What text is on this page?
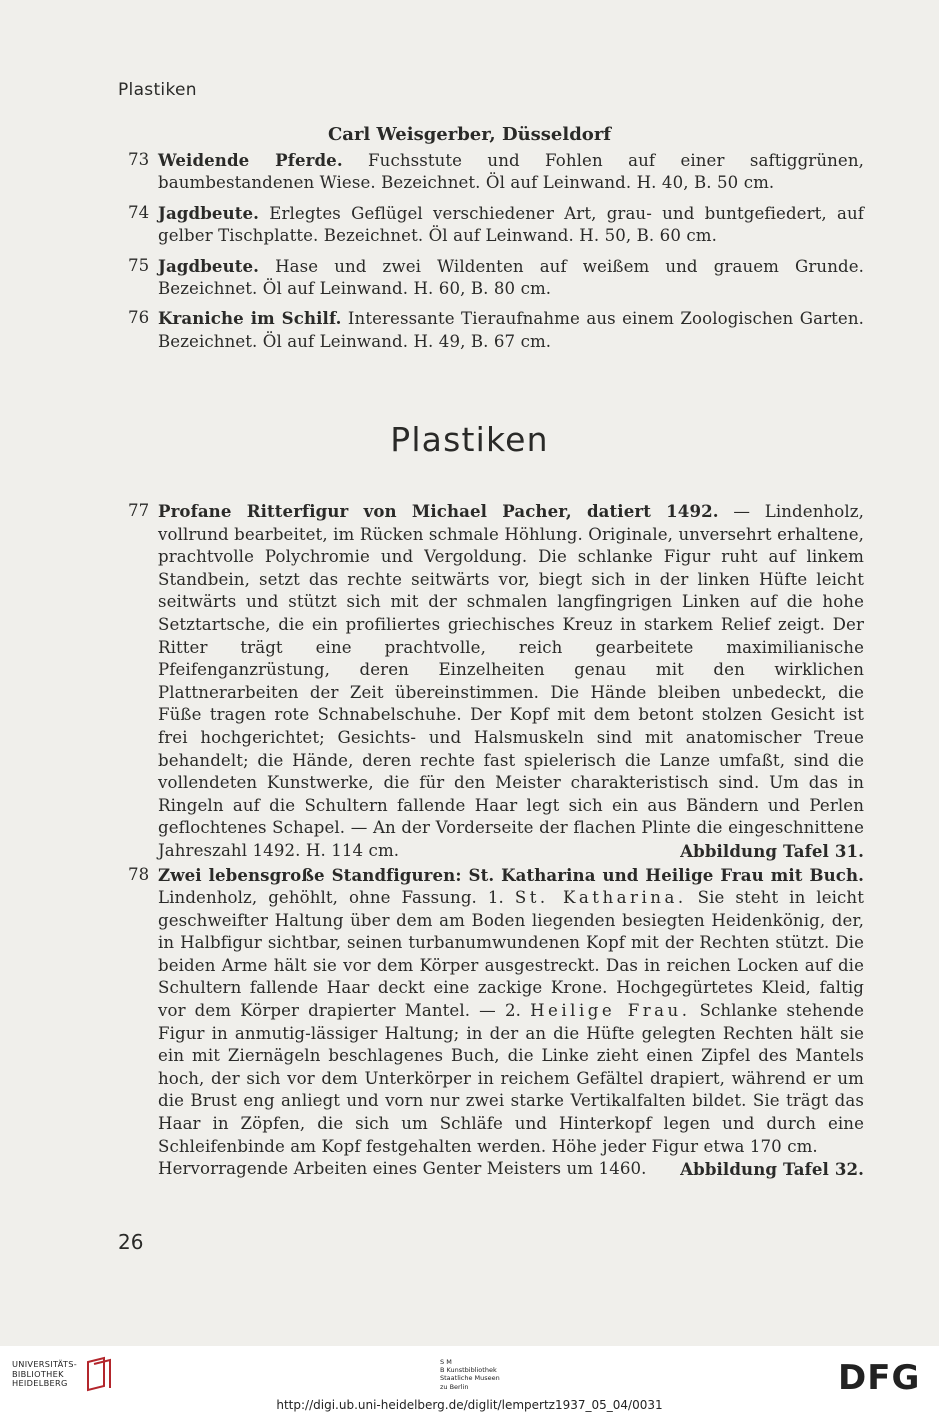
Plastiken
Carl Weisgerber, Düsseldorf
73 Weidende Pferde. Fuchsstute und Fohlen auf einer saftiggrünen, baumbestandenen Wiese. Bezeichnet. Öl auf Leinwand. H. 40, B. 50 cm.
74 Jagdbeute. Erlegtes Geflügel verschiedener Art, grau- und buntgefiedert, auf gelber Tischplatte. Bezeichnet. Öl auf Leinwand. H. 50, B. 60 cm.
75 Jagdbeute. Hase und zwei Wildenten auf weißem und grauem Grunde. Bezeichnet. Öl auf Leinwand. H. 60, B. 80 cm.
76 Kraniche im Schilf. Interessante Tieraufnahme aus einem Zoologischen Garten. Bezeichnet. Öl auf Leinwand. H. 49, B. 67 cm.
Plastiken
77 Profane Ritterfigur von Michael Pacher, datiert 1492. — Lindenholz, vollrund bearbeitet, im Rücken schmale Höhlung. Originale, unversehrt erhaltene, prachtvolle Polychromie und Vergoldung. Die schlanke Figur ruht auf linkem Standbein, setzt das rechte seitwärts vor, biegt sich in der linken Hüfte leicht seitwärts und stützt sich mit der schmalen langfingrigen Linken auf die hohe Setztartsche, die ein profiliertes griechisches Kreuz in starkem Relief zeigt. Der Ritter trägt eine prachtvolle, reich gearbeitete maximilianische Pfeifenganzrüstung, deren Einzelheiten genau mit den wirklichen Plattnerarbeiten der Zeit übereinstimmen. Die Hände bleiben unbedeckt, die Füße tragen rote Schnabelschuhe. Der Kopf mit dem betont stolzen Gesicht ist frei hochgerichtet; Gesichts- und Halsmuskeln sind mit anatomischer Treue behandelt; die Hände, deren rechte fast spielerisch die Lanze umfaßt, sind die vollendeten Kunstwerke, die für den Meister charakteristisch sind. Um das in Ringeln auf die Schultern fallende Haar legt sich ein aus Bändern und Perlen geflochtenes Schapel. — An der Vorderseite der flachen Plinte die eingeschnittene Jahreszahl 1492. H. 114 cm.	Abbildung Tafel 31.
78 Zwei lebensgroße Standfiguren: St. Katharina und Heilige Frau mit Buch. Lindenholz, gehöhlt, ohne Fassung. 1. St. Katharina. Sie steht in leicht geschweifter Haltung über dem am Boden liegenden besiegten Heidenkönig, der, in Halbfigur sichtbar, seinen turbanumwundenen Kopf mit der Rechten stützt. Die beiden Arme hält sie vor dem Körper ausgestreckt. Das in reichen Locken auf die Schultern fallende Haar deckt eine zackige Krone. Hochgegürtetes Kleid, faltig vor dem Körper drapierter Mantel. — 2. Heilige Frau. Schlanke stehende Figur in anmutig-lässiger Haltung; in der an die Hüfte gelegten Rechten hält sie ein mit Ziernägeln beschlagenes Buch, die Linke zieht einen Zipfel des Mantels hoch, der sich vor dem Unterkörper in reichem Gefältel drapiert, während er um die Brust eng anliegt und vorn nur zwei starke Vertikalfalten bildet. Sie trägt das Haar in Zöpfen, die sich um Schläfe und Hinterkopf legen und durch eine Schleifenbinde am Kopf festgehalten werden. Höhe jeder Figur etwa 170 cm.
Abbildung Tafel 32.
Hervorragende Arbeiten eines Genter Meisters um 1460.
26
UNIVERSITÄTS-
BIBLIOTHEK
HEIDELBERG
S M
B Kunstbibliothek
Staatliche Museen
zu Berlin	DFG
http://digi.ub.uni-heidelberg.de/diglit/lempertz1937_05_04/0031
